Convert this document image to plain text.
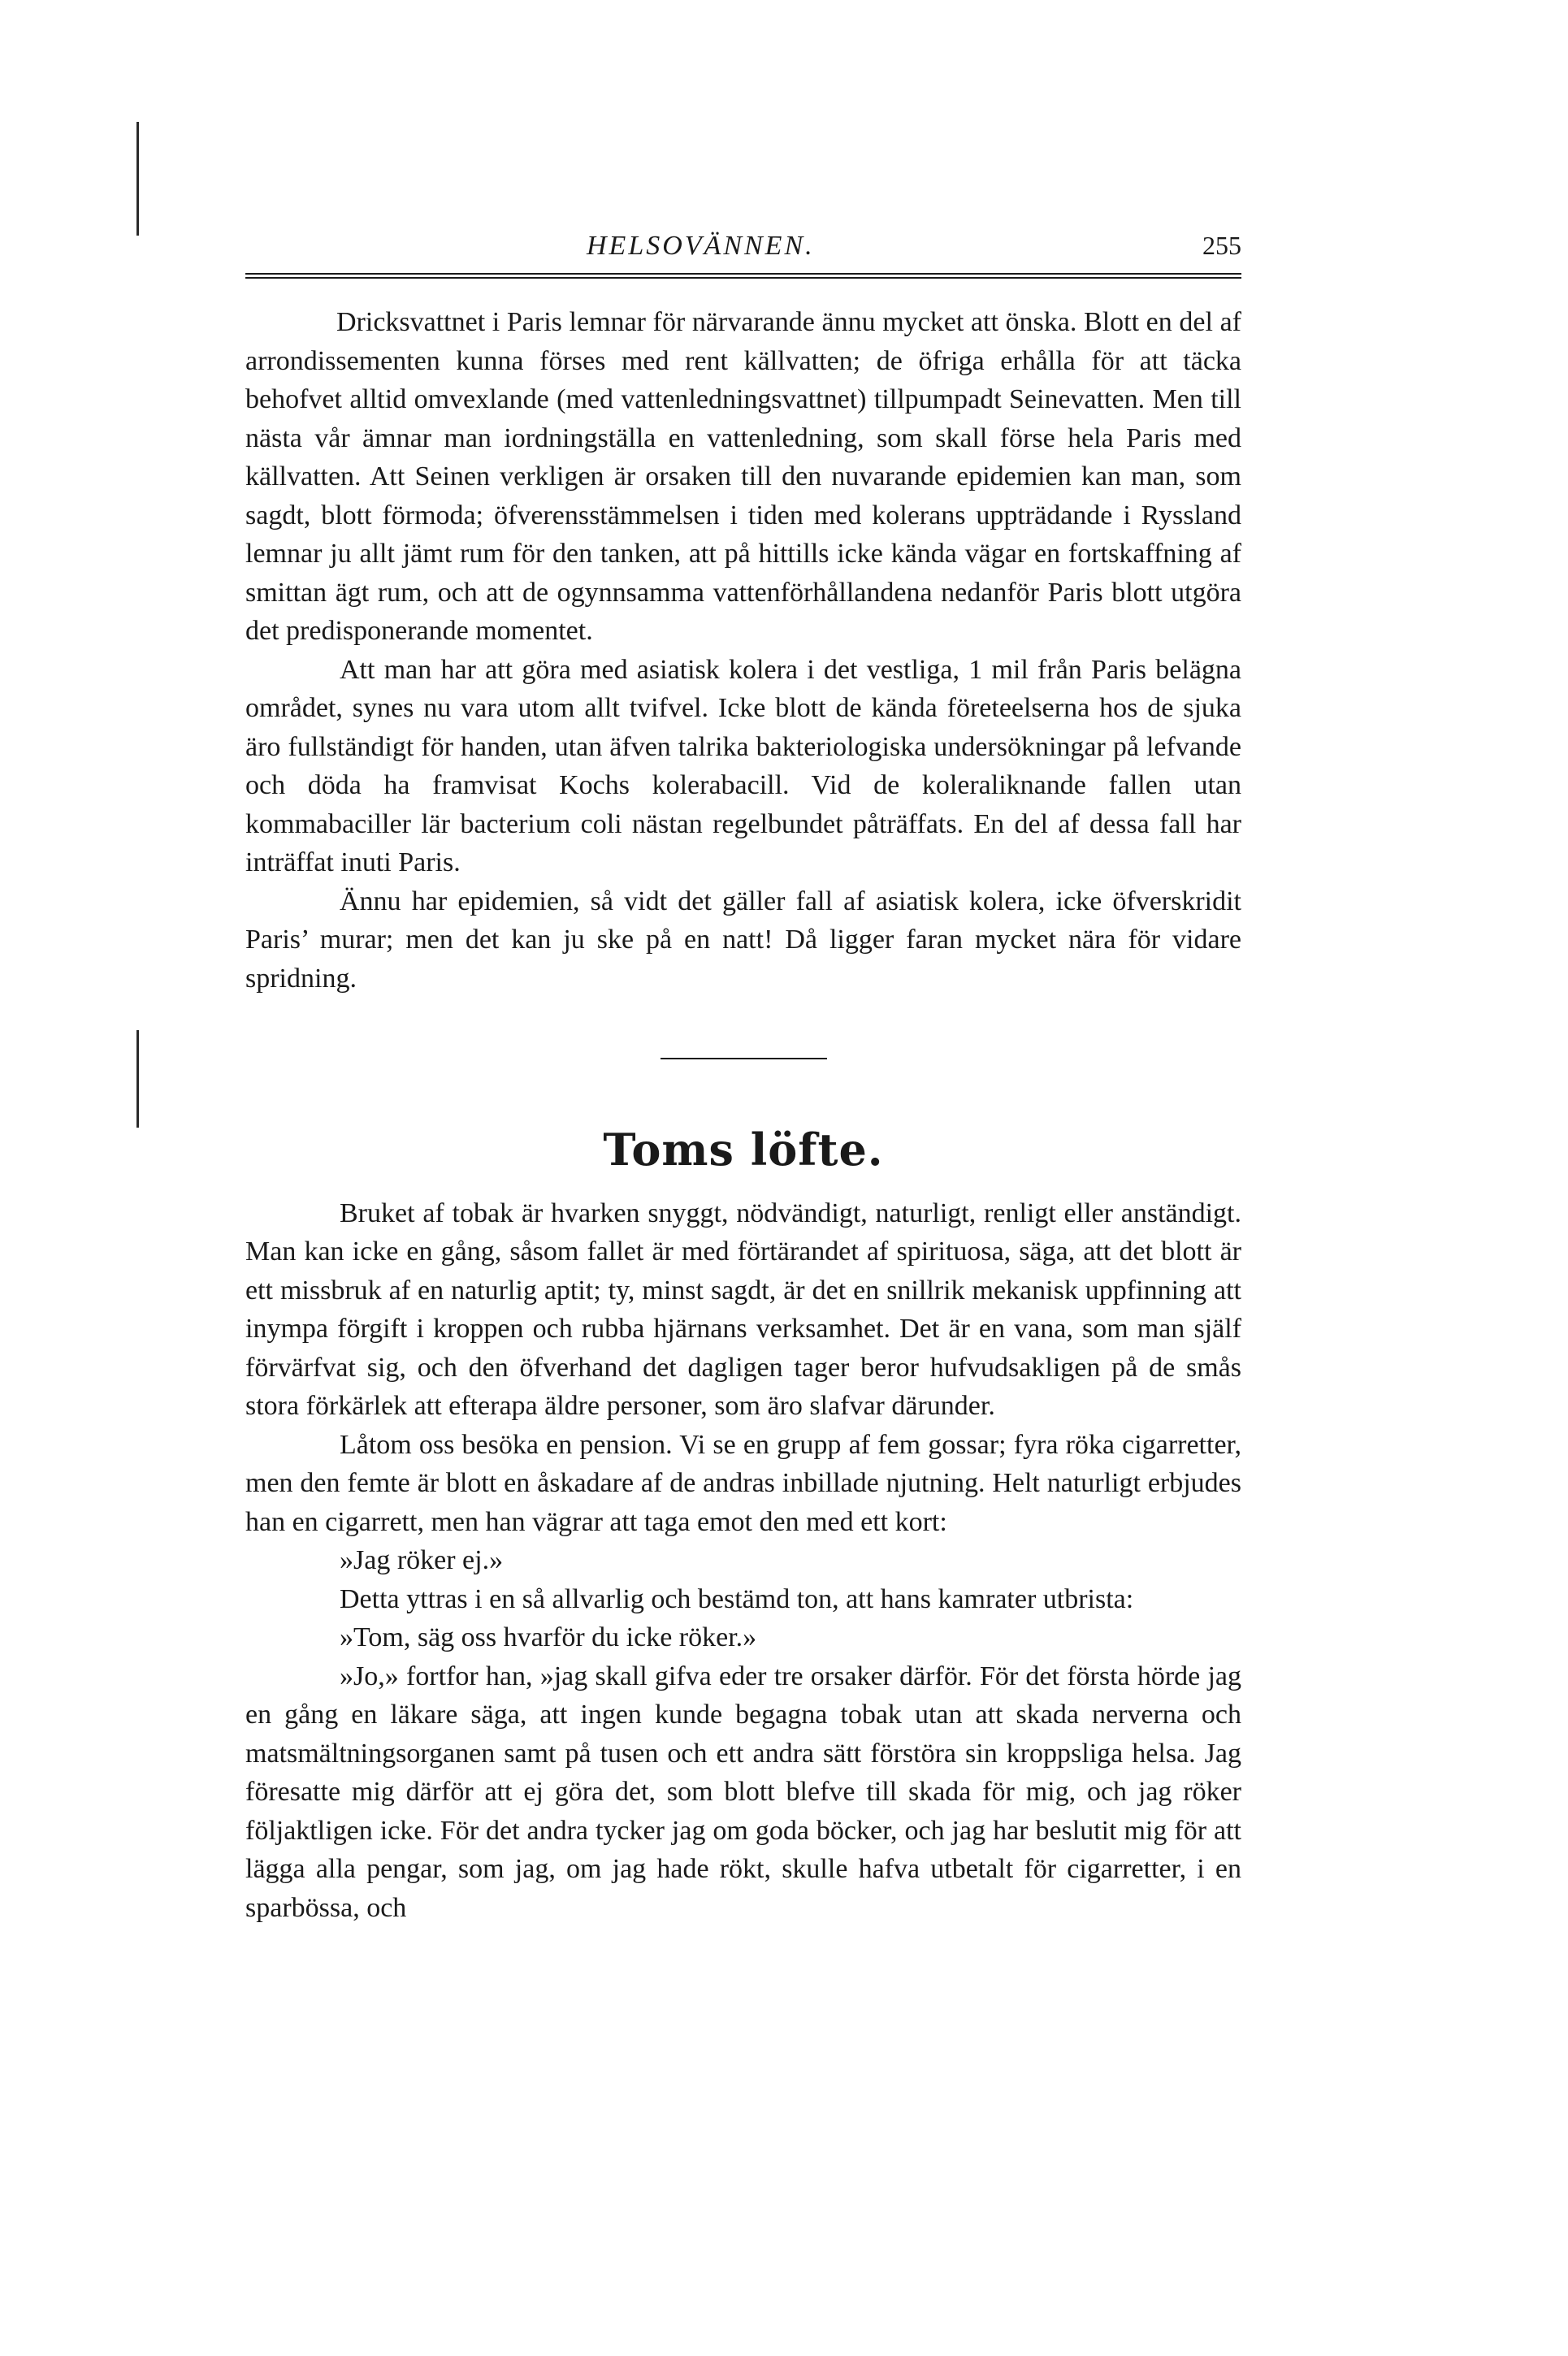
HELSOVÄNNEN.	255

Dricksvattnet i Paris lemnar för närvarande ännu mycket att önska. Blott en del af arrondissementen kunna förses med rent källvatten; de öfriga erhålla för att täcka behofvet alltid omvexlande (med vattenledningsvattnet) tillpumpadt Seinevatten. Men till nästa vår ämnar man iordningställa en vattenledning, som skall förse hela Paris med källvatten. Att Seinen verkligen är orsaken till den nuvarande epidemien kan man, som sagdt, blott förmoda; öfverensstämmelsen i tiden med kolerans uppträdande i Ryssland lemnar ju allt jämt rum för den tanken, att på hittills icke kända vägar en fortskaffning af smittan ägt rum, och att de ogynnsamma vattenförhållandena nedanför Paris blott utgöra det predisponerande momentet.

Att man har att göra med asiatisk kolera i det vestliga, 1 mil från Paris belägna området, synes nu vara utom allt tvifvel. Icke blott de kända företeelserna hos de sjuka äro fullständigt för handen, utan äfven talrika bakteriologiska undersökningar på lefvande och döda ha framvisat Kochs kolerabacill. Vid de koleraliknande fallen utan kommabaciller lär bacterium coli nästan regelbundet påträffats. En del af dessa fall har inträffat inuti Paris.

Ännu har epidemien, så vidt det gäller fall af asiatisk kolera, icke öfverskridit Paris’ murar; men det kan ju ske på en natt! Då ligger faran mycket nära för vidare spridning.

Toms löfte.

Bruket af tobak är hvarken snyggt, nödvändigt, naturligt, renligt eller anständigt. Man kan icke en gång, såsom fallet är med förtärandet af spirituosa, säga, att det blott är ett missbruk af en naturlig aptit; ty, minst sagdt, är det en snillrik mekanisk uppfinning att inympa förgift i kroppen och rubba hjärnans verksamhet. Det är en vana, som man själf förvärfvat sig, och den öfverhand det dagligen tager beror hufvudsakligen på de smås stora förkärlek att efterapa äldre personer, som äro slafvar därunder.

Låtom oss besöka en pension. Vi se en grupp af fem gossar; fyra röka cigarretter, men den femte är blott en åskadare af de andras inbillade njutning. Helt naturligt erbjudes han en cigarrett, men han vägrar att taga emot den med ett kort:

»Jag röker ej.»

Detta yttras i en så allvarlig och bestämd ton, att hans kamrater utbrista:

»Tom, säg oss hvarför du icke röker.»

»Jo,» fortfor han, »jag skall gifva eder tre orsaker därför. För det första hörde jag en gång en läkare säga, att ingen kunde begagna tobak utan att skada nerverna och matsmältningsorganen samt på tusen och ett andra sätt förstöra sin kroppsliga helsa. Jag föresatte mig därför att ej göra det, som blott blefve till skada för mig, och jag röker följaktligen icke. För det andra tycker jag om goda böcker, och jag har beslutit mig för att lägga alla pengar, som jag, om jag hade rökt, skulle hafva utbetalt för cigarretter, i en sparbössa, och
